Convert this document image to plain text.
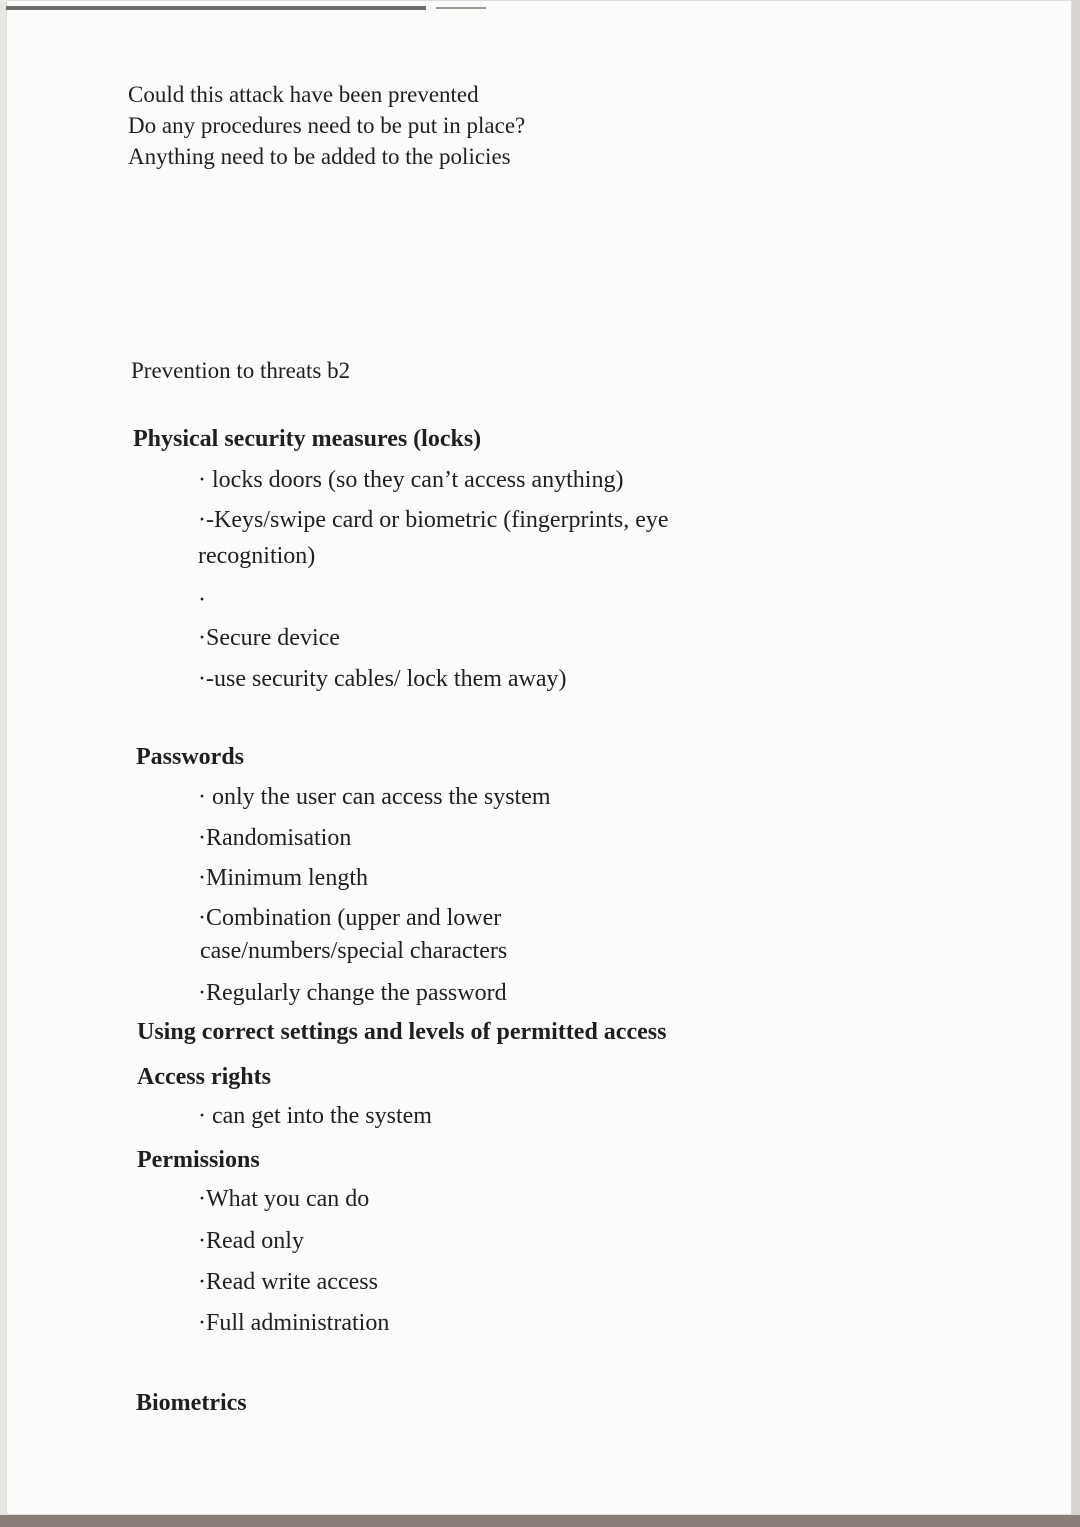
Could this attack have been prevented
Do any procedures need to be put in place?
Anything need to be added to the policies
Prevention to threats b2
Physical security measures (locks)
· locks doors (so they can’t access anything)
·-Keys/swipe card or biometric (fingerprints, eye
recognition)
·
·Secure device
·-use security cables/ lock them away)
Passwords
· only the user can access the system
·Randomisation
·Minimum length
·Combination (upper and lower
case/numbers/special characters
·Regularly change the password
Using correct settings and levels of permitted access
Access rights
· can get into the system
Permissions
·What you can do
·Read only
·Read write access
·Full administration
Biometrics
